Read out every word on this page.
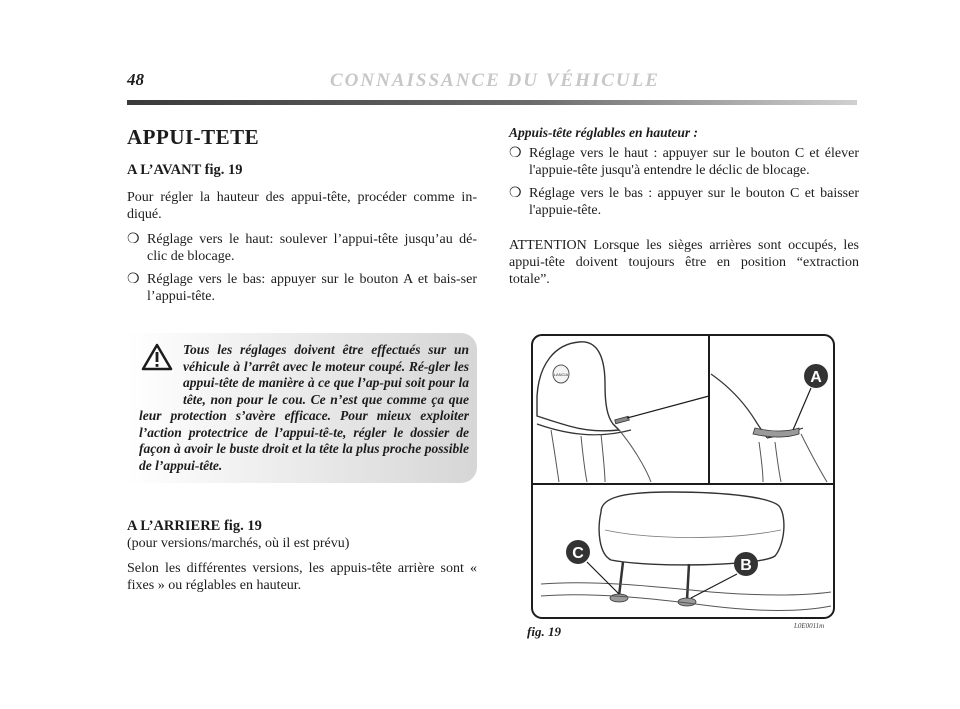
48	CONNAISSANCE DU VÉHICULE
APPUI-TETE
A L’AVANT fig. 19

Pour régler la hauteur des appui-tête, procéder comme in-diqué.

❍ Réglage vers le haut: soulever l’appui-tête jusqu’au dé-clic de blocage.
❍ Réglage vers le bas: appuyer sur le bouton A et bais-ser l’appui-tête.
Tous les réglages doivent être effectués sur un véhicule à l’arrêt avec le moteur coupé. Ré-gler les appui-tête de manière à ce que l’ap-pui soit pour la tête, non pour le cou. Ce n’est que comme ça que leur protection s’avère efficace. Pour mieux exploiter l’action protectrice de l’appui-tê-te, régler le dossier de façon à avoir le buste droit et la tête la plus proche possible de l’appui-tête.
A L’ARRIERE fig. 19

(pour versions/marchés, où il est prévu)

Selon les différentes versions, les appuis-tête arrière sont « fixes » ou réglables en hauteur.

Appuis-tête réglables en hauteur :
❍ Réglage vers le haut : appuyer sur le bouton C et élever l'appuie-tête jusqu'à entendre le déclic de blocage.
❍ Réglage vers le bas : appuyer sur le bouton C et baisser l'appuie-tête.

ATTENTION Lorsque les sièges arrières sont occupés, les appui-tête doivent toujours être en position “extraction totale”.

LANCIA	A
C
B
fig. 19	L0E0011m
